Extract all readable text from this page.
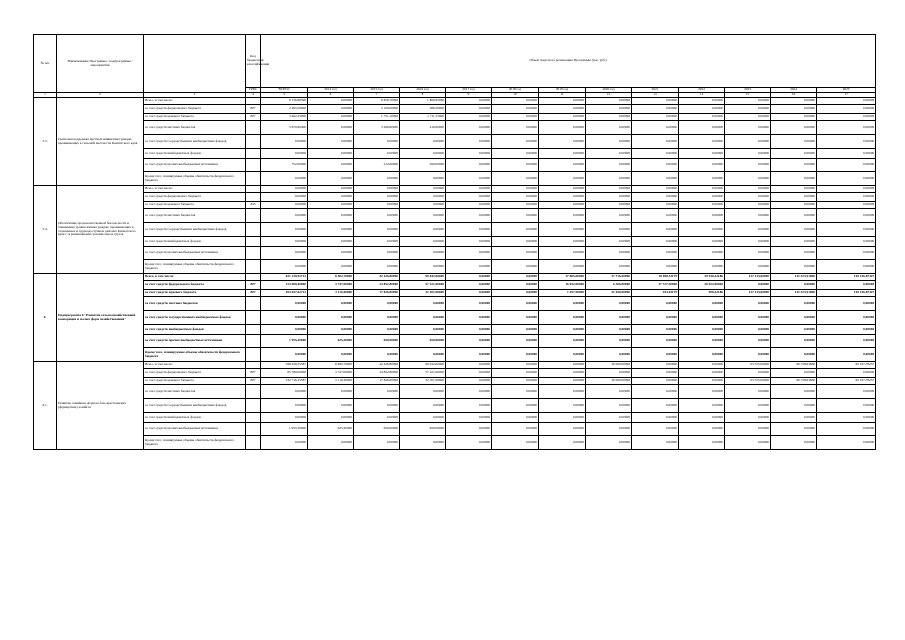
№ п/п	Наименование Программы / подпрограммы / мероприятия		Код бюджетной классификации	Объем средств на реализацию Программы (тыс. руб.)												
			ГРБС	ВСЕГО	2014 год	2015 год	2016 год	2017 год	2018 год	2019 год	2020 год	2021	2022	2023	2024	2025
1	2	3	4	5	6	7	8	9	10	11	12	13	14	15	16	17
5.3.	Грантовая поддержка местных инициатив граждан, проживающих в сельской местности Камчатского края	Всего, в том числе:		9 136,66590	0,00000	6 656,70000	1 866,65060	0,00000	0,00000	0,00000	0,00000	0,00000	0,00000	0,00000	0,00000	0,00000
		за счет средств федерального бюджета	807	2 495,50000	0,00000	2 109,00000	386,50000	0,00000	0,00000	0,00000	0,00000	0,00000	0,00000	0,00000	0,00000	0,00000
		за счет средств краевого бюджета	807	3 462,25000	0,00000	1 751,10000	1 711,15000	0,00000	0,00000	0,00000	0,00000	0,00000	0,00000	0,00000	0,00000	0,00000
		за счет средств местных бюджетов		3 670,60400	0,00000	3 266,60000	410,00000	0,00000	0,00000	0,00000	0,00000	0,00000	0,00000	0,00000	0,00000	0,00000
		за счет средств государственных внебюджетных фондов		0,00000	0,00000	0,00000	0,00000	0,00000	0,00000	0,00000	0,00000	0,00000	0,00000	0,00000	0,00000	0,00000
		за счет средств внебюджетных фондов		0,00000	0,00000	0,00000	0,00000	0,00000	0,00000	0,00000	0,00000	0,00000	0,00000	0,00000	0,00000	0,00000
		за счет средств прочих внебюджетных источников		752,00000	0,00000	212,00000	390,00000	0,00000	0,00000	0,00000	0,00000	0,00000	0,00000	0,00000	0,00000	0,00000
		Кроме того, планируемые объемы обязательств федерального бюджета		0,00000	0,00000	0,00000	0,00000	0,00000	0,00000	0,00000	0,00000	0,00000	0,00000	0,00000	0,00000	0,00000
5.4.	Обеспечение продовольственной безопасности и повышение уровня жизни граждан, проживающих в отдаленных и труднодоступных районах Камчатского края с ограниченными сроками завоза грузов	Всего, в том числе:		0,00000	0,00000	0,00000	0,00000	0,00000	0,00000	0,00000	0,00000	0,00000	0,00000	0,00000	0,00000	0,00000
		за счет средств федерального бюджета		0,00000	0,00000	0,00000	0,00000	0,00000	0,00000	0,00000	0,00000	0,00000	0,00000	0,00000	0,00000	0,00000
		за счет средств краевого бюджета	843	0,00000	0,00000	0,00000	0,00000	0,00000	0,00000	0,00000	0,00000	0,00000	0,00000	0,00000	0,00000	0,00000
		за счет средств местных бюджетов		0,00000	0,00000	0,00000	0,00000	0,00000	0,00000	0,00000	0,00000	0,00000	0,00000	0,00000	0,00000	0,00000
		за счет средств государственных внебюджетных фондов		0,00000	0,00000	0,00000	0,00000	0,00000	0,00000	0,00000	0,00000	0,00000	0,00000	0,00000	0,00000	0,00000
		за счет средств внебюджетных фондов		0,00000	0,00000	0,00000	0,00000	0,00000	0,00000	0,00000	0,00000	0,00000	0,00000	0,00000	0,00000	0,00000
		за счет средств прочих внебюджетных источников		0,00000	0,00000	0,00000	0,00000	0,00000	0,00000	0,00000	0,00000	0,00000	0,00000	0,00000	0,00000	0,00000
		Кроме того, планируемые объемы обязательств федерального бюджета		0,00000	0,00000	0,00000	0,00000	0,00000	0,00000	0,00000	0,00000	0,00000	0,00000	0,00000	0,00000	0,00000
6.	Подпрограмма 6 "Развитие сельскохозяйственной кооперации и малых форм хозяйствования"	Всего, в том числе:		621 218,92712	8 482,70000	42 426,80000	90 842,00000	0,00000	0,00000	37 865,00000	37 716,50000	18 898,51179	29 930,42186	127 133,00000	142 523,91800	149 416,87347
		за счет средств федерального бюджета	807	124 908,40000	3 747,00000	24 852,80000	57 221,00000	0,00000	0,00000	16 052,00000	6 306,00000	17 727,50000	20 922,00000	0,00000	0,00000	0,00000
		за счет средств краевого бюджета	807	494 657,02712	2 110,40000	17 826,00000	32 101,00000	0,00000	0,00000	1 457,50000	31 650,00000	933,01179	998,32186	127 133,00000	142 523,91800	149 416,87347
		за счет средств местных бюджетов		0,00000	0,00000	0,00000	0,00000	0,00000	0,00000	0,00000	0,00000	0,00000	0,00000	0,00000	0,00000	0,00000
		за счет средств государственных внебюджетных фондов		0,00000	0,00000	0,00000	0,00000	0,00000	0,00000	0,00000	0,00000	0,00000	0,00000	0,00000	0,00000	0,00000
		за счет средств внебюджетных фондов		0,00000	0,00000	0,00000	0,00000	0,00000	0,00000	0,00000	0,00000	0,00000	0,00000	0,00000	0,00000	0,00000
		за счет средств прочих внебюджетных источников		1 955,30000	625,30000	650,00000	650,00000	0,00000	0,00000	0,00000	0,00000	0,00000	0,00000	0,00000	0,00000	0,00000
		Кроме того, планируемые объемы обязательств федерального бюджета		0,00000	0,00000	0,00000	0,00000	0,00000	0,00000	0,00000	0,00000	0,00000	0,00000	0,00000	0,00000	0,00000
6.1.	Развитие семейных форм на базе крестьянских (фермерских) хозяйств	Всего, в том числе:		598 458,35587	8 482,70000	42 426,80000	90 042,00000	0,00000	0,00000	0,00000	30 000,00000	0,00000	0,00000	63 555,00000	96 728,63660	90 197,78237
		за счет средств федерального бюджета	807	65 780,00000	3 747,00000	24 852,80000	57 221,00000	0,00000	0,00000	0,00000	0,00000	0,00000	0,00000	0,00000	0,00000	0,00000
		за счет средств краевого бюджета	807	532 716,35587	2 110,40000	17 826,00000	32 101,00000	0,00000	0,00000	0,00000	30 000,00000	0,00000	0,00000	63 555,00000	96 728,63660	90 197,78237
		за счет средств местных бюджетов		0,00000	0,00000	0,00000	0,00000	0,00000	0,00000	0,00000	0,00000	0,00000	0,00000	0,00000	0,00000	0,00000
		за счет средств государственных внебюджетных фондов		0,00000	0,00000	0,00000	0,00000	0,00000	0,00000	0,00000	0,00000	0,00000	0,00000	0,00000	0,00000	0,00000
		за счет средств внебюджетных фондов		0,00000	0,00000	0,00000	0,00000	0,00000	0,00000	0,00000	0,00000	0,00000	0,00000	0,00000	0,00000	0,00000
		за счет средств прочих внебюджетных источников		1 955,30000	625,30000	650,00000	650,00000	0,00000	0,00000	0,00000	0,00000	0,00000	0,00000	0,00000	0,00000	0,00000
		Кроме того, планируемые объемы обязательств федерального бюджета		0,00000	0,00000	0,00000	0,00000	0,00000	0,00000	0,00000	0,00000	0,00000	0,00000	0,00000	0,00000	0,00000
